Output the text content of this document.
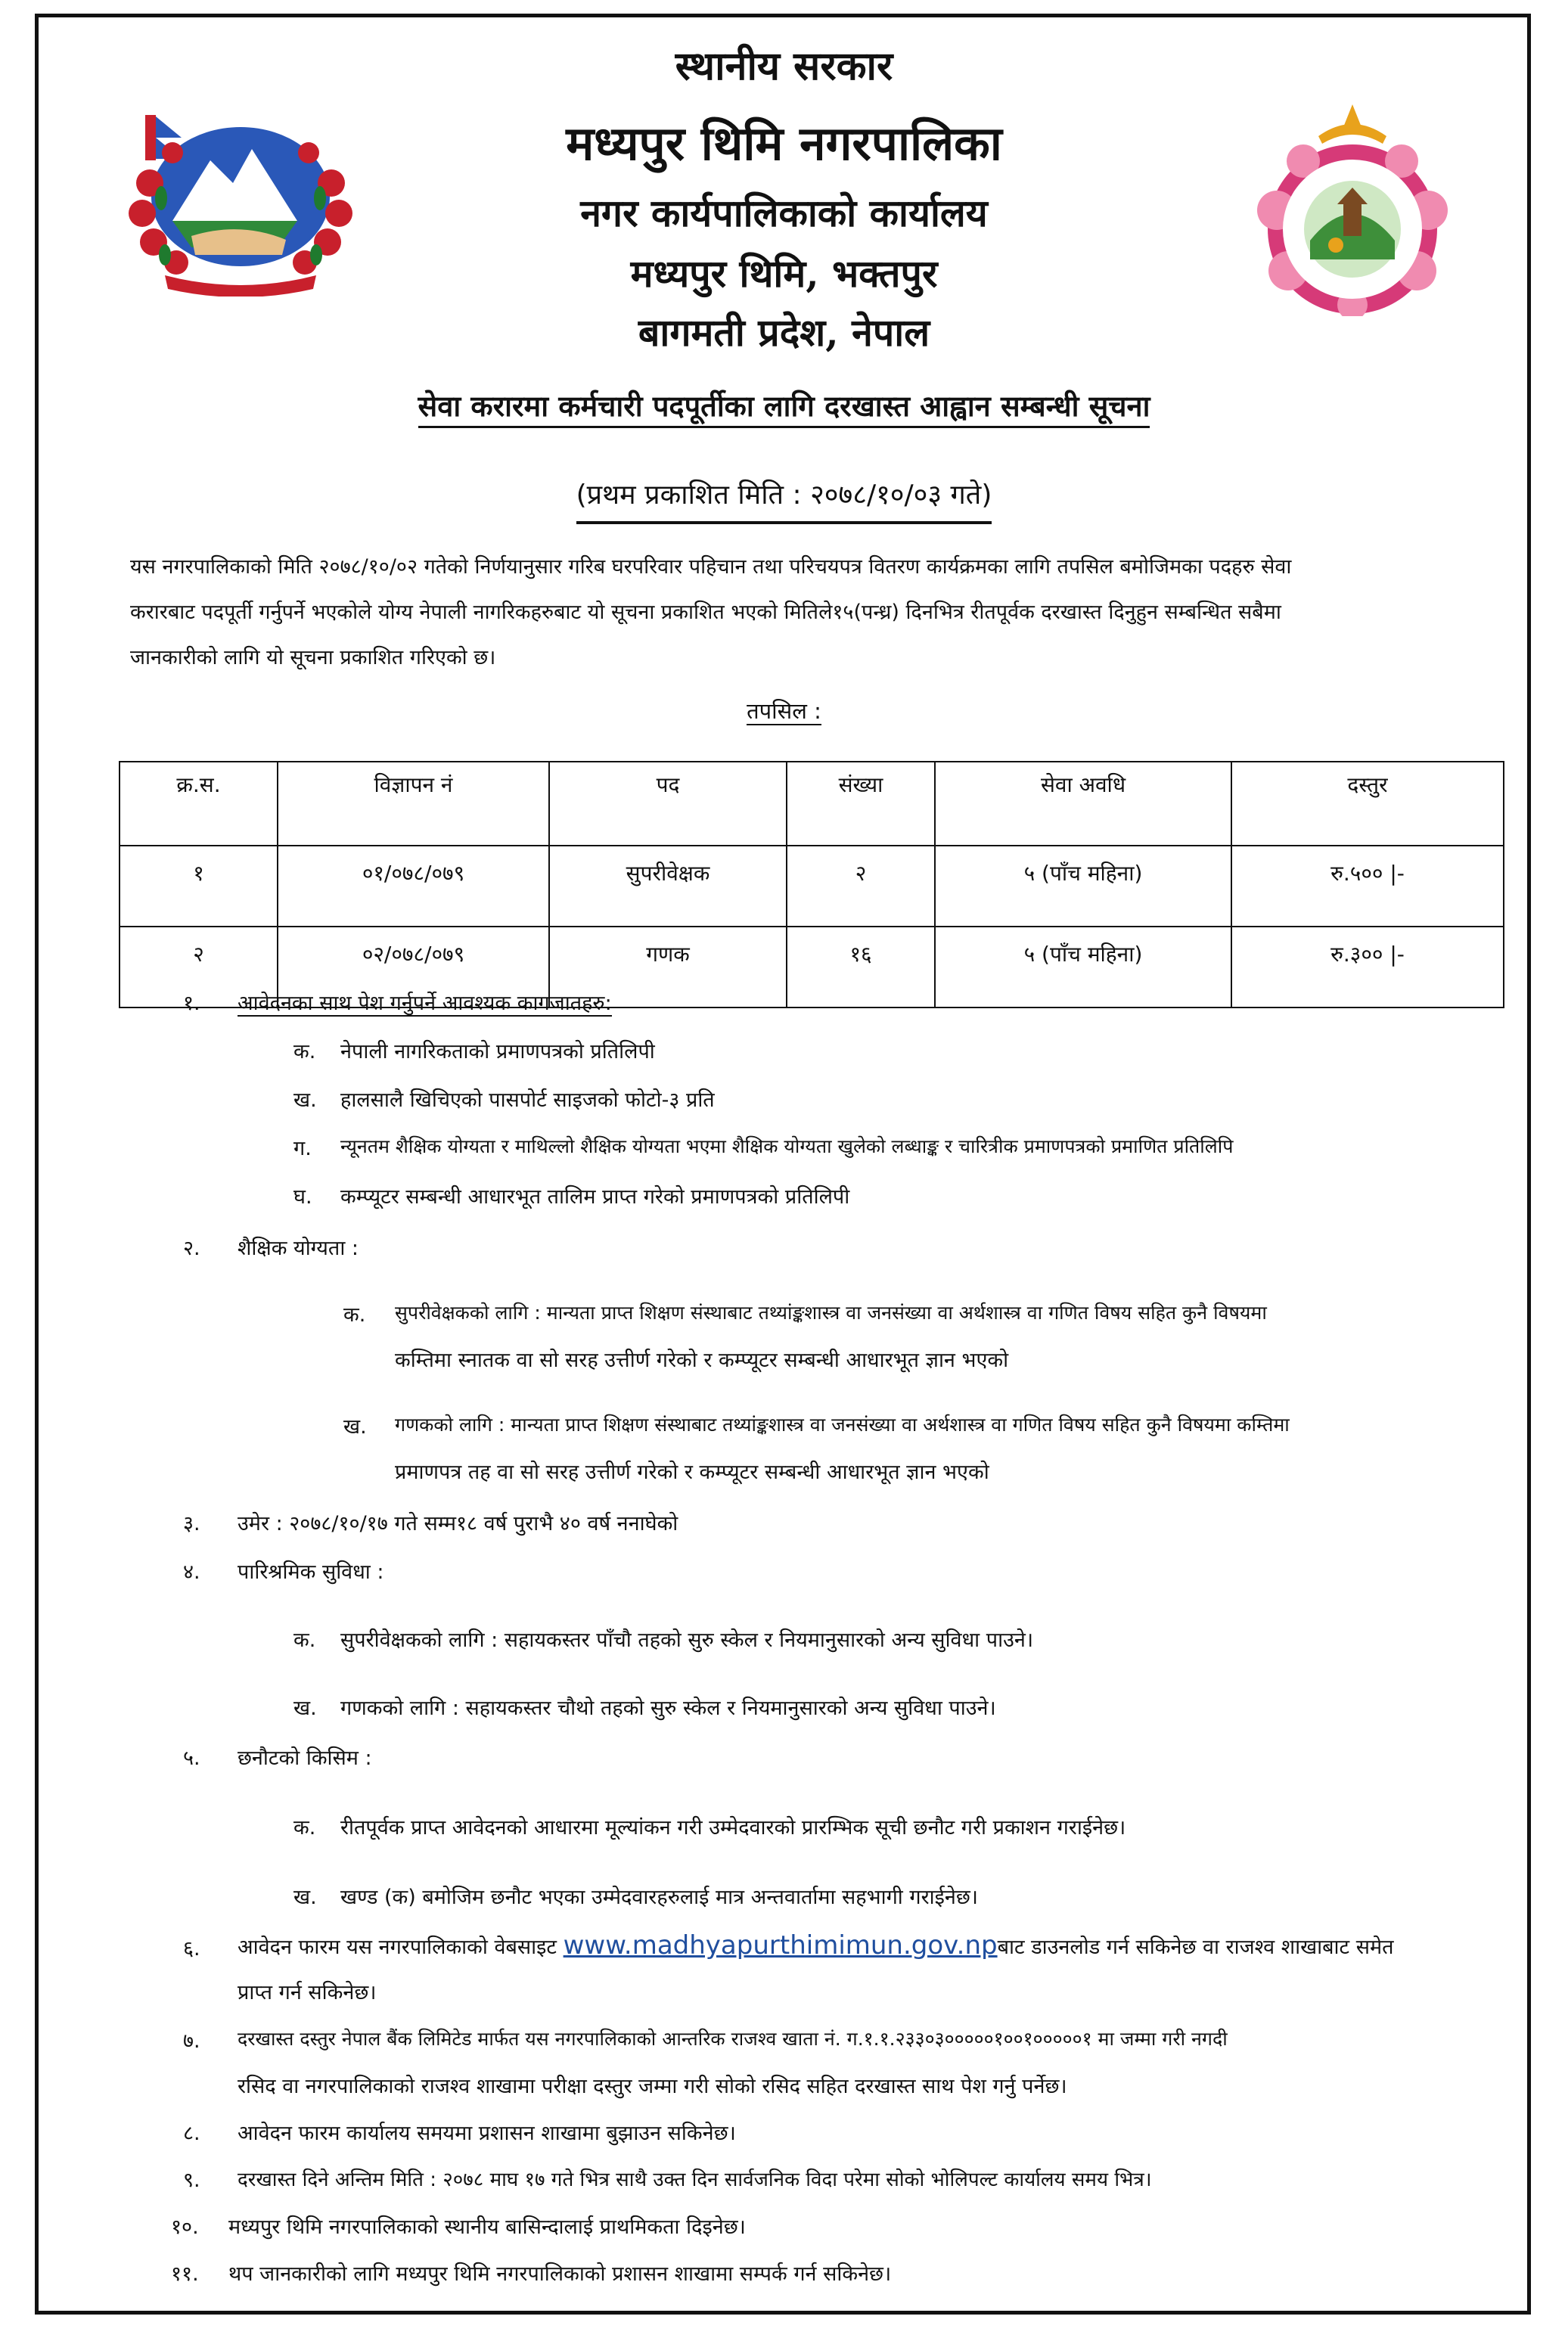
स्थानीय सरकार
मध्यपुर थिमि नगरपालिका
नगर कार्यपालिकाको कार्यालय
मध्यपुर थिमि, भक्तपुर
बागमती प्रदेश, नेपाल
सेवा करारमा कर्मचारी पदपूर्तीका लागि दरखास्त आह्वान सम्बन्धी सूचना
(प्रथम प्रकाशित मिति : २०७८/१०/०३ गते)
यस नगरपालिकाको मिति २०७८/१०/०२ गतेको निर्णयानुसार गरिब घरपरिवार पहिचान तथा परिचयपत्र वितरण कार्यक्रमका लागि तपसिल बमोजिमका पदहरु सेवा
करारबाट पदपूर्ती गर्नुपर्ने भएकोले योग्य नेपाली नागरिकहरुबाट यो सूचना प्रकाशित भएको मितिले१५(पन्ध्र) दिनभित्र रीतपूर्वक दरखास्त दिनुहुन सम्बन्धित सबैमा
जानकारीको लागि यो सूचना प्रकाशित गरिएको छ।
तपसिल :
क्र.स.	विज्ञापन नं	पद	संख्या	सेवा अवधि	दस्तुर
१	०१/०७८/०७९	सुपरीवेक्षक	२	५ (पाँच महिना)	रु.५०० |-
२	०२/०७८/०७९	गणक	१६	५ (पाँच महिना)	रु.३०० |-
१. आवेदनका साथ पेश गर्नुपर्ने आवश्यक कागजातहरु:
क. नेपाली नागरिकताको प्रमाणपत्रको प्रतिलिपी
ख. हालसालै खिचिएको पासपोर्ट साइजको फोटो-३ प्रति
ग. न्यूनतम शैक्षिक योग्यता र माथिल्लो शैक्षिक योग्यता भएमा शैक्षिक योग्यता खुलेको लब्धाङ्क र चारित्रीक प्रमाणपत्रको प्रमाणित प्रतिलिपि
घ. कम्प्यूटर सम्बन्धी आधारभूत तालिम प्राप्त गरेको प्रमाणपत्रको प्रतिलिपी
२. शैक्षिक योग्यता :
क. सुपरीवेक्षकको लागि : मान्यता प्राप्त शिक्षण संस्थाबाट तथ्यांङ्कशास्त्र वा जनसंख्या वा अर्थशास्त्र वा गणित विषय सहित कुनै विषयमा
कम्तिमा स्नातक वा सो सरह उत्तीर्ण गरेको र कम्प्यूटर सम्बन्धी आधारभूत ज्ञान भएको
ख. गणकको लागि : मान्यता प्राप्त शिक्षण संस्थाबाट तथ्यांङ्कशास्त्र वा जनसंख्या वा अर्थशास्त्र वा गणित विषय सहित कुनै विषयमा कम्तिमा
प्रमाणपत्र तह वा सो सरह उत्तीर्ण गरेको र कम्प्यूटर सम्बन्धी आधारभूत ज्ञान भएको
३. उमेर : २०७८/१०/१७ गते सम्म१८ वर्ष पुराभै ४० वर्ष ननाघेको
४. पारिश्रमिक सुविधा :
क. सुपरीवेक्षकको लागि : सहायकस्तर पाँचौ तहको सुरु स्केल र नियमानुसारको अन्य सुविधा पाउने।
ख. गणकको लागि : सहायकस्तर चौथो तहको सुरु स्केल र नियमानुसारको अन्य सुविधा पाउने।
५. छनौटको किसिम :
क. रीतपूर्वक प्राप्त आवेदनको आधारमा मूल्यांकन गरी उम्मेदवारको प्रारम्भिक सूची छनौट गरी प्रकाशन गराईनेछ।
ख. खण्ड (क) बमोजिम छनौट भएका उम्मेदवारहरुलाई मात्र अन्तवार्तामा सहभागी गराईनेछ।
६. आवेदन फारम यस नगरपालिकाको वेबसाइट www.madhyapurthimimun.gov.npबाट डाउनलोड गर्न सकिनेछ वा राजश्व शाखाबाट समेत
प्राप्त गर्न सकिनेछ।
७. दरखास्त दस्तुर नेपाल बैंक लिमिटेड मार्फत यस नगरपालिकाको आन्तरिक राजश्व खाता नं. ग.१.१.२३३०३०००००१००१०००००१ मा जम्मा गरी नगदी
रसिद वा नगरपालिकाको राजश्व शाखामा परीक्षा दस्तुर जम्मा गरी सोको रसिद सहित दरखास्त साथ पेश गर्नु पर्नेछ।
८. आवेदन फारम कार्यालय समयमा प्रशासन शाखामा बुझाउन सकिनेछ।
९. दरखास्त दिने अन्तिम मिति : २०७८ माघ १७ गते भित्र साथै उक्त दिन सार्वजनिक विदा परेमा सोको भोलिपल्ट कार्यालय समय भित्र।
१०. मध्यपुर थिमि नगरपालिकाको स्थानीय बासिन्दालाई प्राथमिकता दिइनेछ।
११. थप जानकारीको लागि मध्यपुर थिमि नगरपालिकाको प्रशासन शाखामा सम्पर्क गर्न सकिनेछ।
